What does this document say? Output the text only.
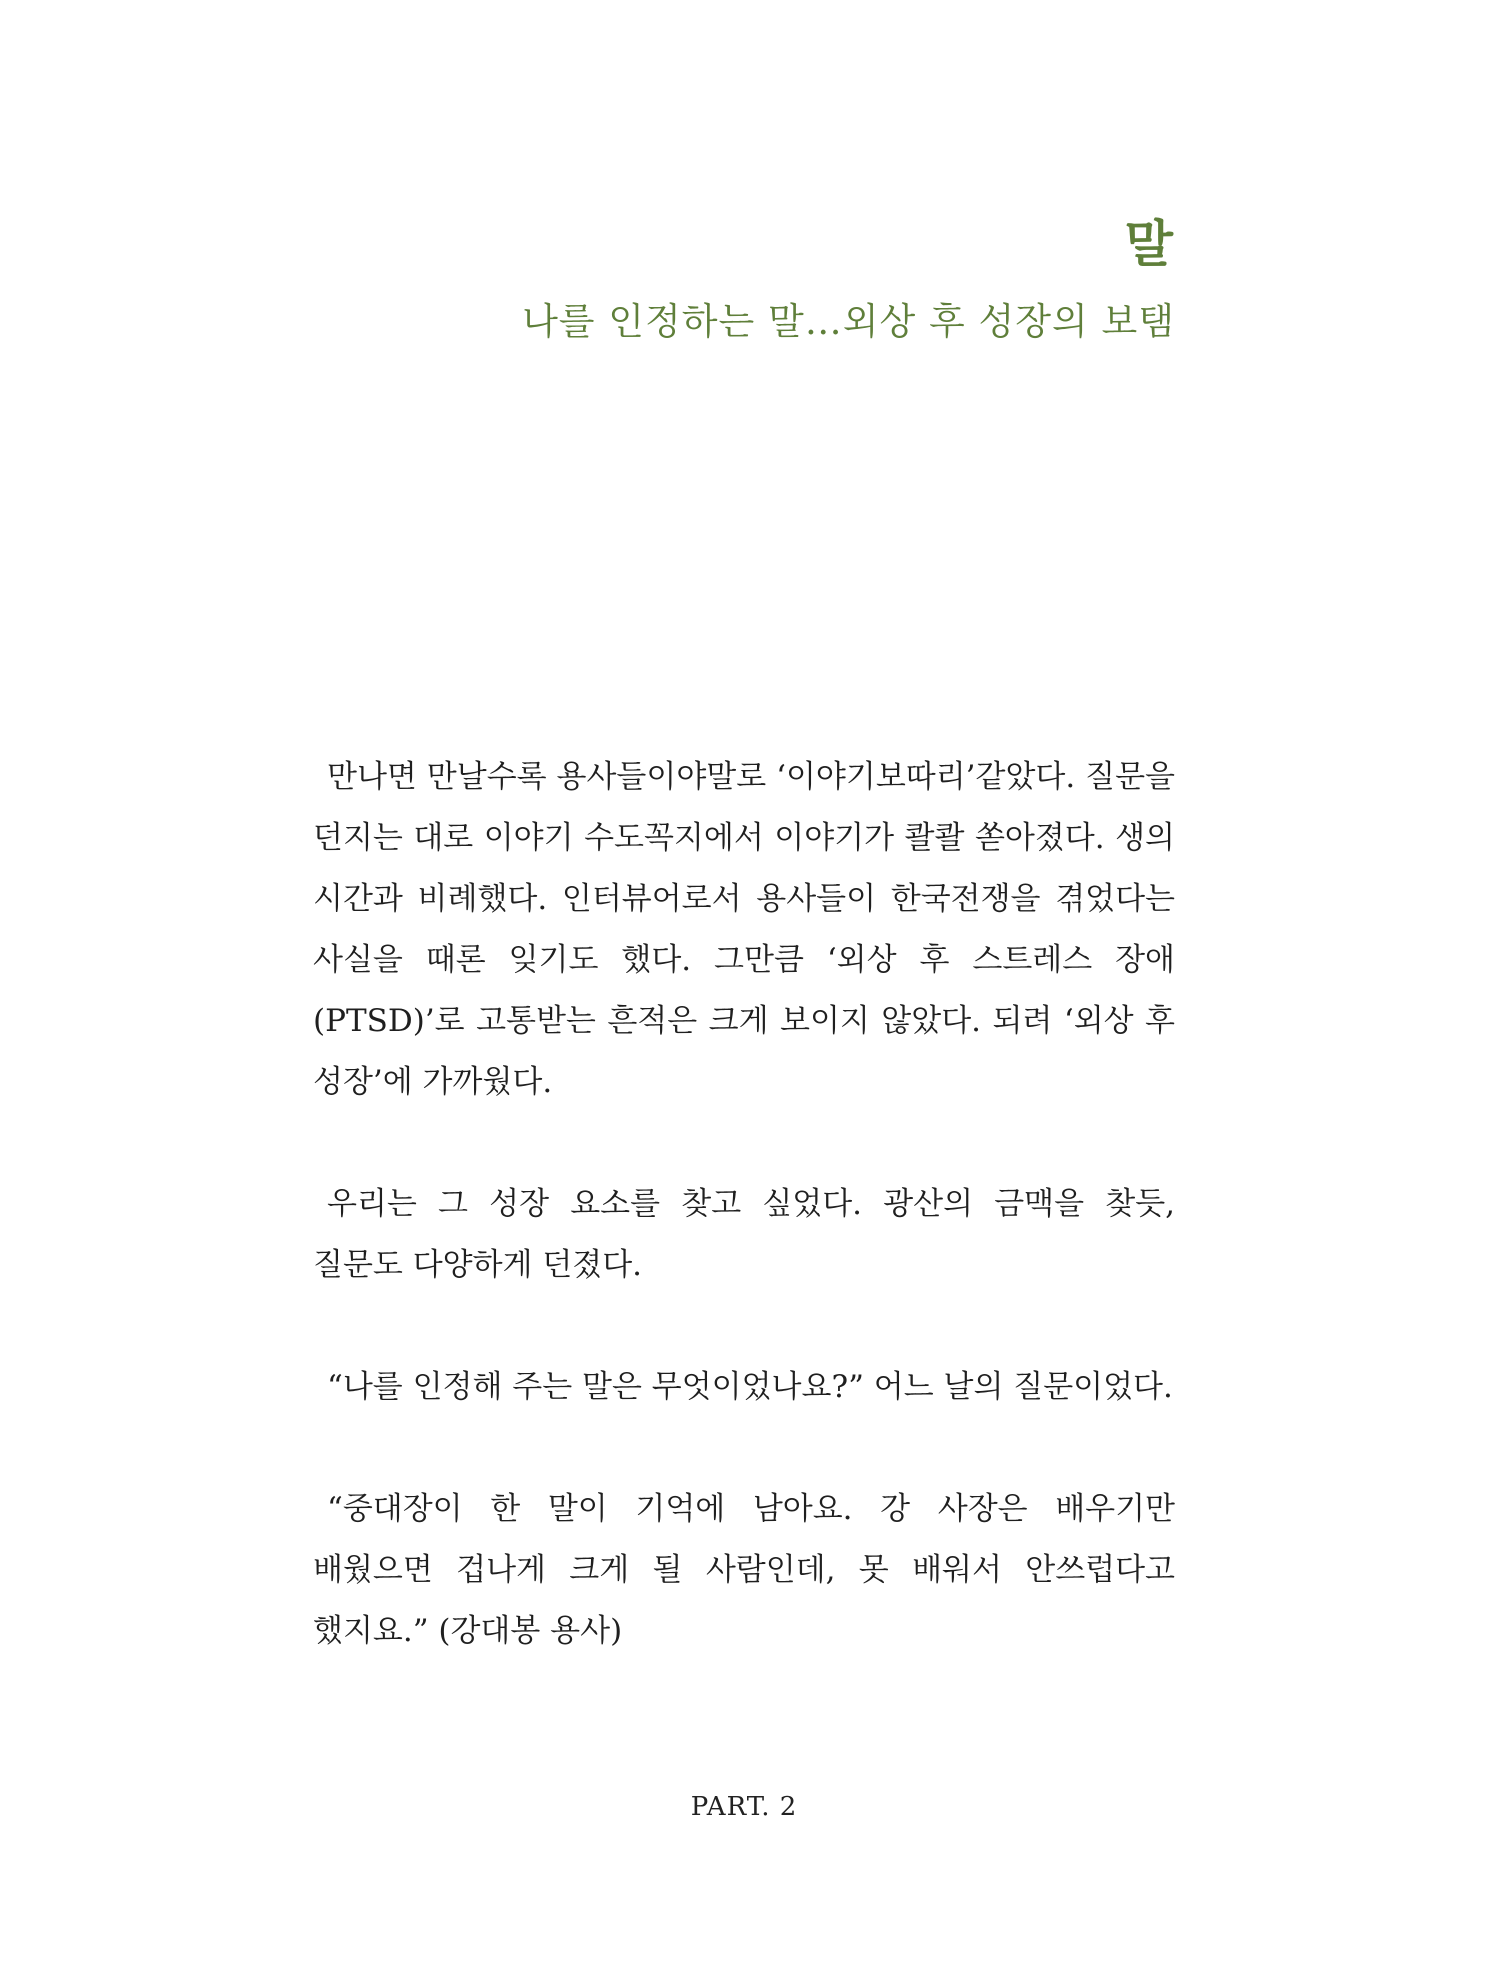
말
나를 인정하는 말…외상 후 성장의 보탬

만나면 만날수록 용사들이야말로 ‘이야기보따리’같았다. 질문을 던지는 대로 이야기 수도꼭지에서 이야기가 콸콸 쏟아졌다. 생의 시간과 비례했다. 인터뷰어로서 용사들이 한국전쟁을 겪었다는 사실을 때론 잊기도 했다. 그만큼 ‘외상 후 스트레스 장애(PTSD)’로 고통받는 흔적은 크게 보이지 않았다. 되려 ‘외상 후 성장’에 가까웠다.

우리는 그 성장 요소를 찾고 싶었다. 광산의 금맥을 찾듯, 질문도 다양하게 던졌다.

“나를 인정해 주는 말은 무엇이었나요?” 어느 날의 질문이었다.

“중대장이 한 말이 기억에 남아요. 강 사장은 배우기만 배웠으면 겁나게 크게 될 사람인데, 못 배워서 안쓰럽다고 했지요.” (강대봉 용사)

PART. 2
